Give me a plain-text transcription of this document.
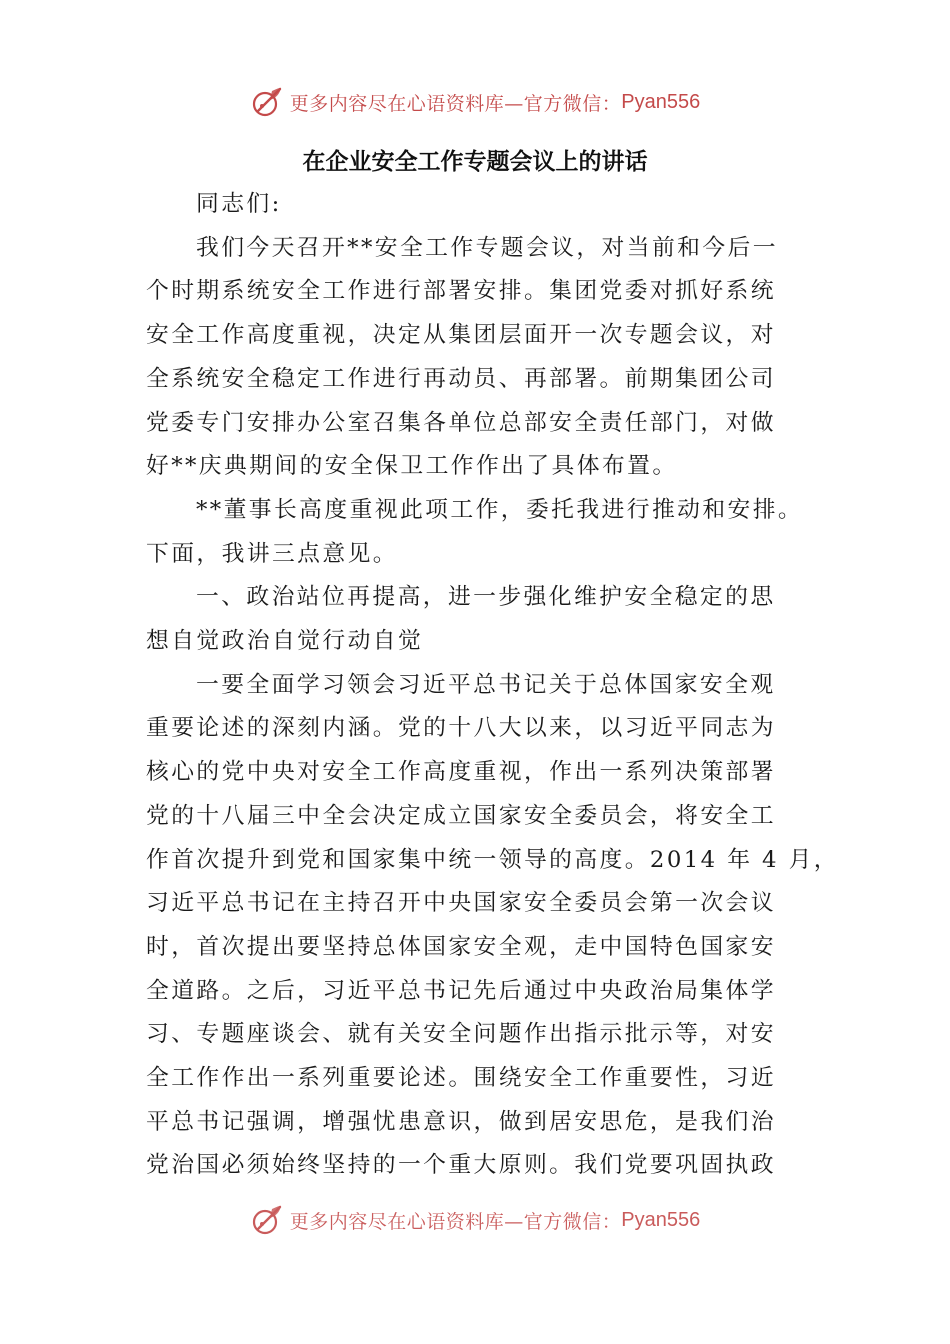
更多内容尽在心语资料库—官方微信： Pyan556
在企业安全工作专题会议上的讲话
同志们:
我们今天召开**安全工作专题会议，对当前和今后一
个时期系统安全工作进行部署安排。集团党委对抓好系统
安全工作高度重视，决定从集团层面开一次专题会议，对
全系统安全稳定工作进行再动员、再部署。前期集团公司
党委专门安排办公室召集各单位总部安全责任部门，对做
好**庆典期间的安全保卫工作作出了具体布置。
**董事长高度重视此项工作，委托我进行推动和安排。
下面，我讲三点意见。
一、政治站位再提高，进一步强化维护安全稳定的思
想自觉政治自觉行动自觉
一要全面学习领会习近平总书记关于总体国家安全观
重要论述的深刻内涵。党的十八大以来，以习近平同志为
核心的党中央对安全工作高度重视，作出一系列决策部署
党的十八届三中全会决定成立国家安全委员会，将安全工
作首次提升到党和国家集中统一领导的高度。2014 年 4 月，
习近平总书记在主持召开中央国家安全委员会第一次会议
时，首次提出要坚持总体国家安全观，走中国特色国家安
全道路。之后，习近平总书记先后通过中央政治局集体学
习、专题座谈会、就有关安全问题作出指示批示等，对安
全工作作出一系列重要论述。围绕安全工作重要性，习近
平总书记强调，增强忧患意识，做到居安思危，是我们治
党治国必须始终坚持的一个重大原则。我们党要巩固执政
更多内容尽在心语资料库—官方微信： Pyan556
